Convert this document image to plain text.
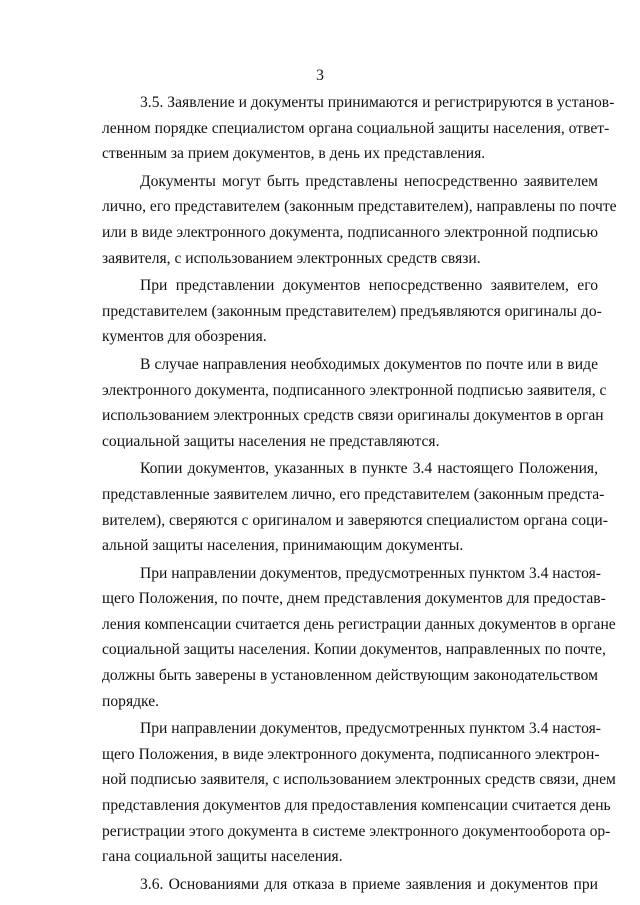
3
3.5. Заявление и документы принимаются и регистрируются в установ-
ленном порядке специалистом органа социальной защиты населения, ответ-
ственным за прием документов, в день их представления.
Документы могут быть представлены непосредственно заявителем
лично, его представителем (законным представителем), направлены по почте
или в виде электронного документа, подписанного электронной подписью
заявителя, с использованием электронных средств связи.
При представлении документов непосредственно заявителем, его
представителем (законным представителем) предъявляются оригиналы до-
кументов для обозрения.
В случае направления необходимых документов по почте или в виде
электронного документа, подписанного электронной подписью заявителя, с
использованием электронных средств связи оригиналы документов в орган
социальной защиты населения не представляются.
Копии документов, указанных в пункте 3.4 настоящего Положения,
представленные заявителем лично, его представителем (законным предста-
вителем), сверяются с оригиналом и заверяются специалистом органа соци-
альной защиты населения, принимающим документы.
При направлении документов, предусмотренных пунктом 3.4 настоя-
щего Положения, по почте, днем представления документов для предостав-
ления компенсации считается день регистрации данных документов в органе
социальной защиты населения. Копии документов, направленных по почте,
должны быть заверены в установленном действующим законодательством
порядке.
При направлении документов, предусмотренных пунктом 3.4 настоя-
щего Положения, в виде электронного документа, подписанного электрон-
ной подписью заявителя, с использованием электронных средств связи, днем
представления документов для предоставления компенсации считается день
регистрации этого документа в системе электронного документооборота ор-
гана социальной защиты населения.
3.6. Основаниями для отказа в приеме заявления и документов при
